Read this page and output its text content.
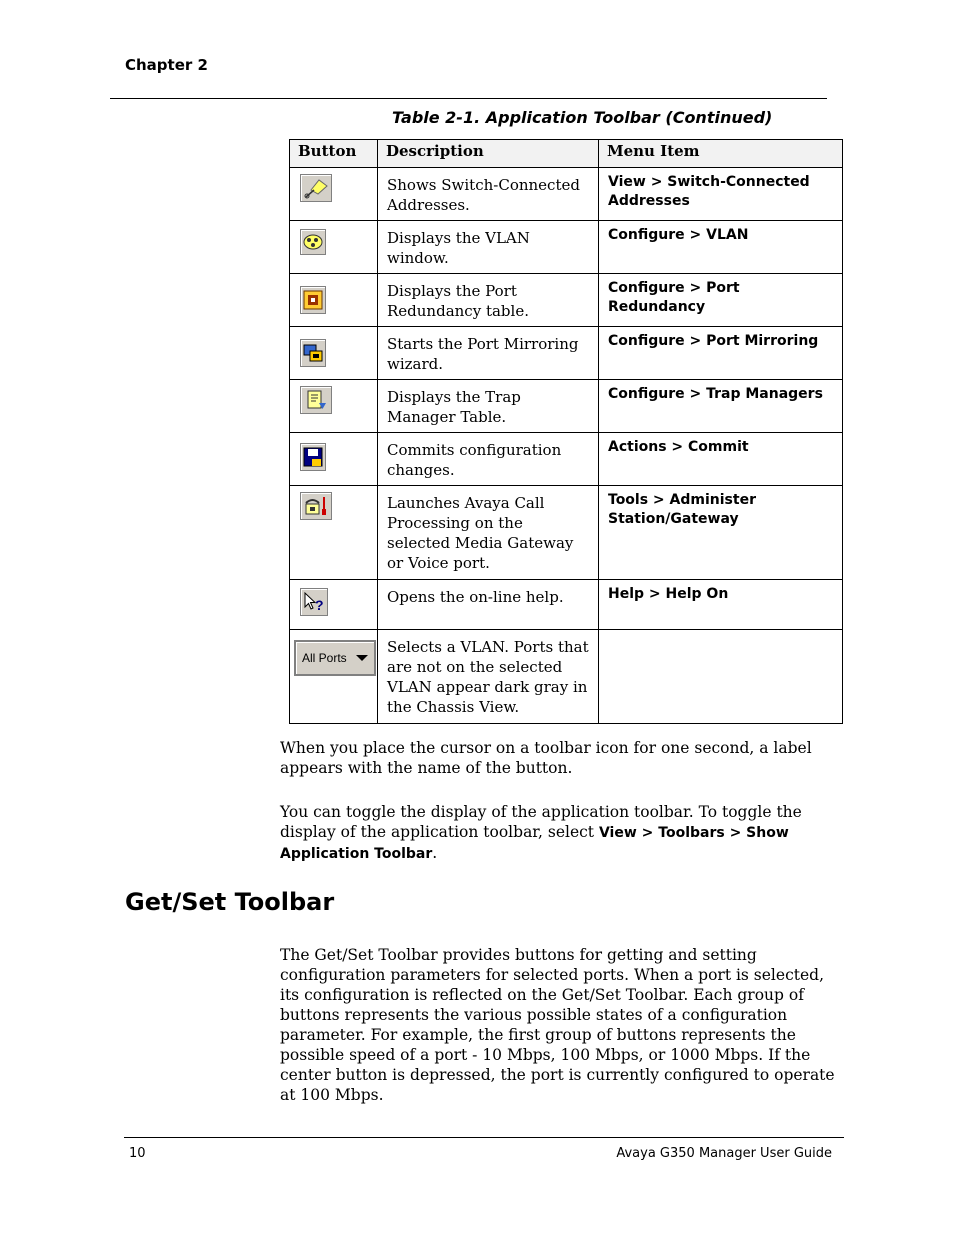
Chapter 2
Table 2-1. Application Toolbar (Continued)
Button	Description	Menu Item

	Shows Switch-Connected Addresses.	View > Switch-Connected Addresses

	Displays the VLAN window.	Configure > VLAN

	Displays the Port Redundancy table.	Configure > Port Redundancy

	Starts the Port Mirroring wizard.	Configure > Port Mirroring

	Displays the Trap Manager Table.	Configure > Trap Managers

	Commits configuration changes.	Actions > Commit

	Launches Avaya Call Processing on the selected Media Gateway or Voice port.	Tools > Administer Station/Gateway

?	Opens the on-line help.	Help > Help On

All Ports	Selects a VLAN. Ports that are not on the selected VLAN appear dark gray in the Chassis View.	
When you place the cursor on a toolbar icon for one second, a label appears with the name of the button.
You can toggle the display of the application toolbar. To toggle the display of the application toolbar, select View > Toolbars > Show Application Toolbar.
Get/Set Toolbar
The Get/Set Toolbar provides buttons for getting and setting configuration parameters for selected ports. When a port is selected, its configuration is reflected on the Get/Set Toolbar. Each group of buttons represents the various possible states of a configuration parameter. For example, the first group of buttons represents the possible speed of a port - 10 Mbps, 100 Mbps, or 1000 Mbps. If the center button is depressed, the port is currently configured to operate at 100 Mbps.
10	Avaya G350 Manager User Guide
